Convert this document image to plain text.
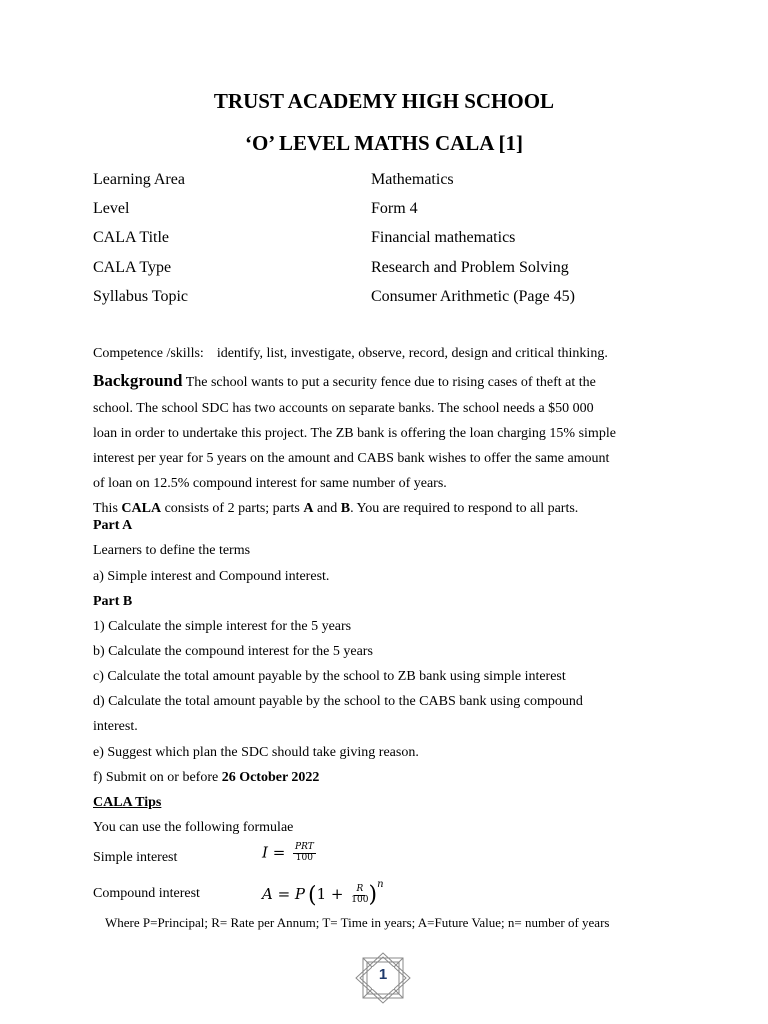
TRUST ACADEMY HIGH SCHOOL
‘O’ LEVEL MATHS CALA [1]
Learning Area	Mathematics
Level	Form 4
CALA Title	Financial mathematics
CALA Type	Research and Problem Solving
Syllabus Topic	Consumer Arithmetic (Page 45)
Competence /skills: identify, list, investigate, observe, record, design and critical thinking.
Background The school wants to put a security fence due to rising cases of theft at the
school. The school SDC has two accounts on separate banks. The school needs a $50 000
loan in order to undertake this project. The ZB bank is offering the loan charging 15% simple
interest per year for 5 years on the amount and CABS bank wishes to offer the same amount
of loan on 12.5% compound interest for same number of years.
This CALA consists of 2 parts; parts A and B. You are required to respond to all parts.
Part A
Learners to define the terms
a) Simple interest and Compound interest.
Part B
1) Calculate the simple interest for the 5 years
b) Calculate the compound interest for the 5 years
c) Calculate the total amount payable by the school to ZB bank using simple interest
d) Calculate the total amount payable by the school to the CABS bank using compound
interest.
e) Suggest which plan the SDC should take giving reason.
f) Submit on or before 26 October 2022
CALA Tips
You can use the following formulae
Simple interest	$I = \frac{\text{PRT}}{100}$
Compound interest	A = P $(1 + \frac{R}{100} )^n$
Where P=Principal; R= Rate per Annum; T= Time in years; A=Future Value; n= number of years
1
